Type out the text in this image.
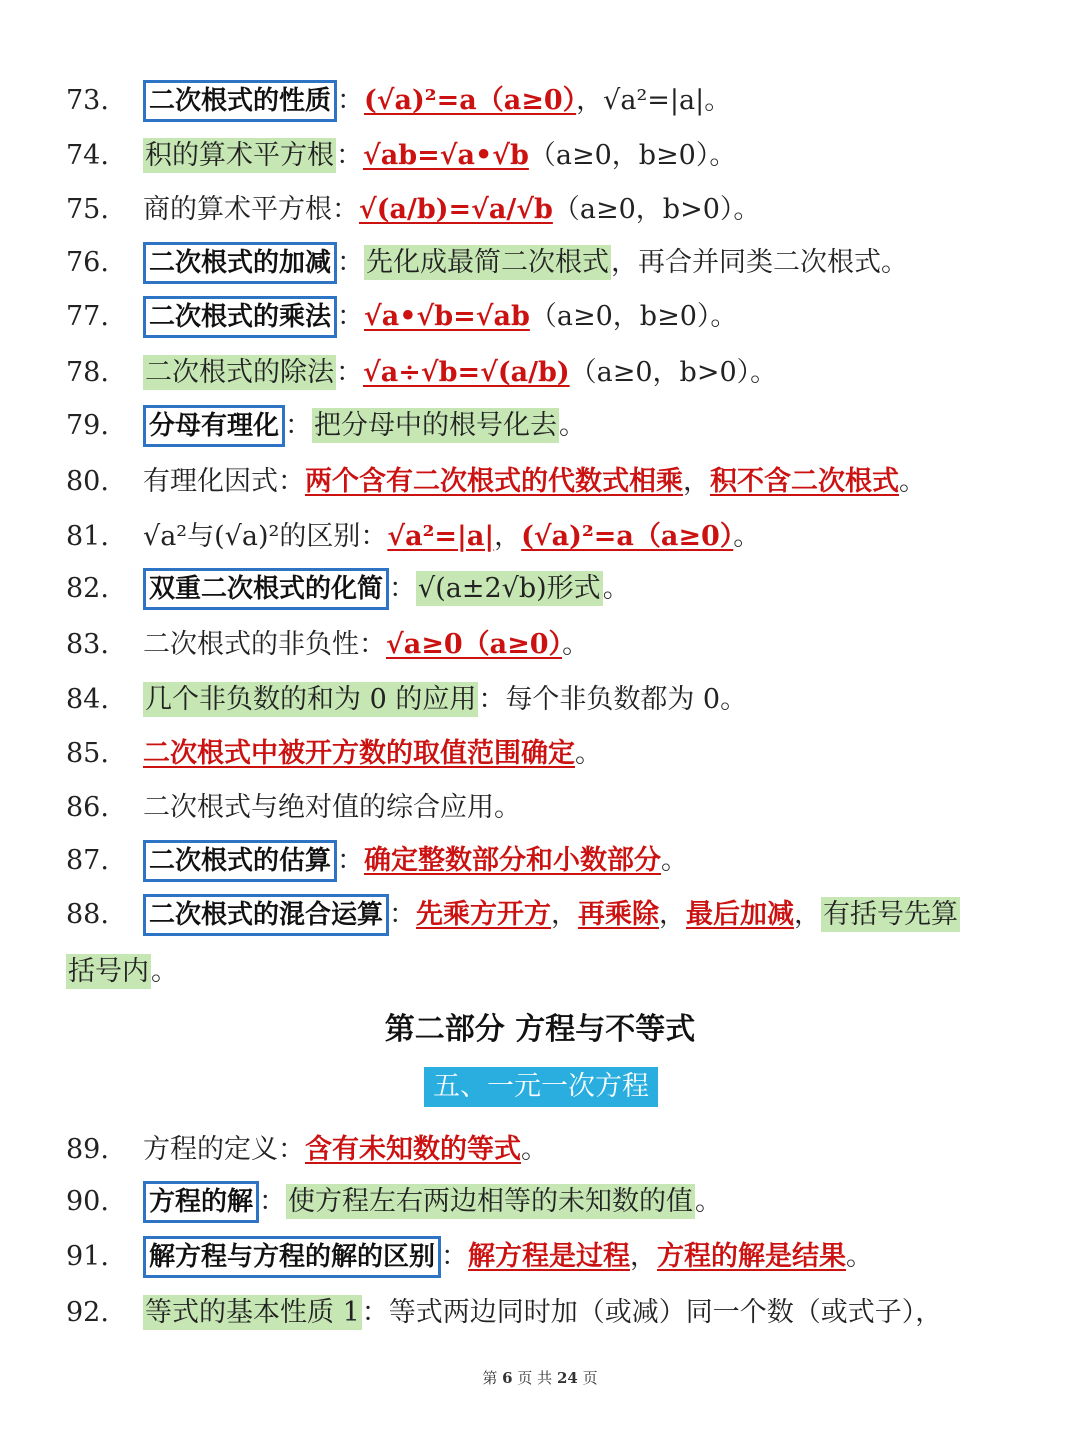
73. 二次根式的性质 ：(√a)²=a（a≥0），√a²=|a|。
74. 积的算术平方根：√ab=√a•√b（a≥0，b≥0）。
75. 商的算术平方根：√(a/b)=√a/√b（a≥0，b>0）。
76. 二次根式的加减 ：先化成最简二次根式，再合并同类二次根式。
77. 二次根式的乘法 ：√a•√b=√ab（a≥0，b≥0）。
78. 二次根式的除法：√a÷√b=√(a/b)（a≥0，b>0）。
79. 分母有理化 ：把分母中的根号化去。
80. 有理化因式：两个含有二次根式的代数式相乘，积不含二次根式。
81. √a²与(√a)²的区别：√a²=|a|，(√a)²=a（a≥0）。
82. 双重二次根式的化简 ：√(a±2√b)形式。
83. 二次根式的非负性：√a≥0（a≥0）。
84. 几个非负数的和为 0 的应用：每个非负数都为 0。
85. 二次根式中被开方数的取值范围确定。
86. 二次根式与绝对值的综合应用。
87. 二次根式的估算 ：确定整数部分和小数部分。
88. 二次根式的混合运算 ：先乘方开方，再乘除，最后加减，有括号先算
括号内。
第二部分 方程与不等式
五、一元一次方程
89. 方程的定义：含有未知数的等式。
90. 方程的解 ：使方程左右两边相等的未知数的值。
91. 解方程与方程的解的区别 ：解方程是过程，方程的解是结果。
92. 等式的基本性质 1：等式两边同时加（或减）同一个数（或式子），
第 6 页 共 24 页
